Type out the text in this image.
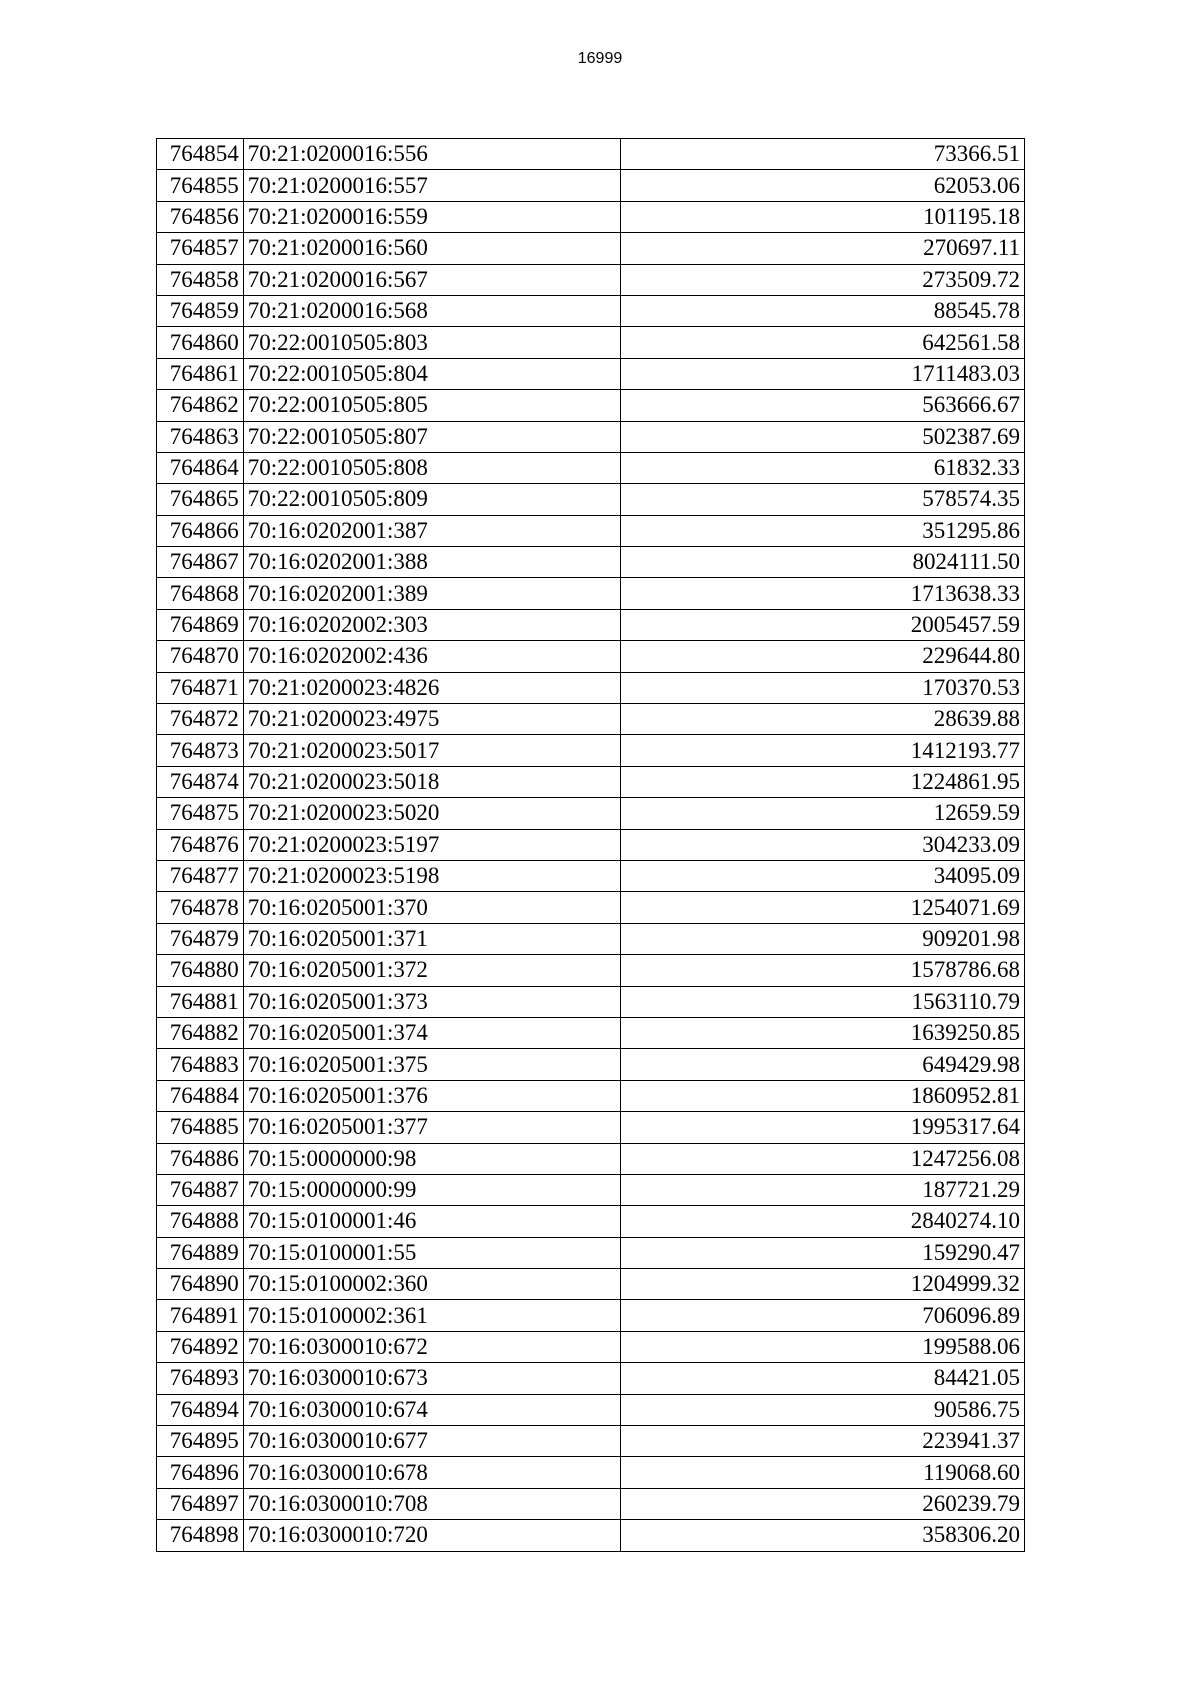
16999
764854	70:21:0200016:556	73366.51
764855	70:21:0200016:557	62053.06
764856	70:21:0200016:559	101195.18
764857	70:21:0200016:560	270697.11
764858	70:21:0200016:567	273509.72
764859	70:21:0200016:568	88545.78
764860	70:22:0010505:803	642561.58
764861	70:22:0010505:804	1711483.03
764862	70:22:0010505:805	563666.67
764863	70:22:0010505:807	502387.69
764864	70:22:0010505:808	61832.33
764865	70:22:0010505:809	578574.35
764866	70:16:0202001:387	351295.86
764867	70:16:0202001:388	8024111.50
764868	70:16:0202001:389	1713638.33
764869	70:16:0202002:303	2005457.59
764870	70:16:0202002:436	229644.80
764871	70:21:0200023:4826	170370.53
764872	70:21:0200023:4975	28639.88
764873	70:21:0200023:5017	1412193.77
764874	70:21:0200023:5018	1224861.95
764875	70:21:0200023:5020	12659.59
764876	70:21:0200023:5197	304233.09
764877	70:21:0200023:5198	34095.09
764878	70:16:0205001:370	1254071.69
764879	70:16:0205001:371	909201.98
764880	70:16:0205001:372	1578786.68
764881	70:16:0205001:373	1563110.79
764882	70:16:0205001:374	1639250.85
764883	70:16:0205001:375	649429.98
764884	70:16:0205001:376	1860952.81
764885	70:16:0205001:377	1995317.64
764886	70:15:0000000:98	1247256.08
764887	70:15:0000000:99	187721.29
764888	70:15:0100001:46	2840274.10
764889	70:15:0100001:55	159290.47
764890	70:15:0100002:360	1204999.32
764891	70:15:0100002:361	706096.89
764892	70:16:0300010:672	199588.06
764893	70:16:0300010:673	84421.05
764894	70:16:0300010:674	90586.75
764895	70:16:0300010:677	223941.37
764896	70:16:0300010:678	119068.60
764897	70:16:0300010:708	260239.79
764898	70:16:0300010:720	358306.20
